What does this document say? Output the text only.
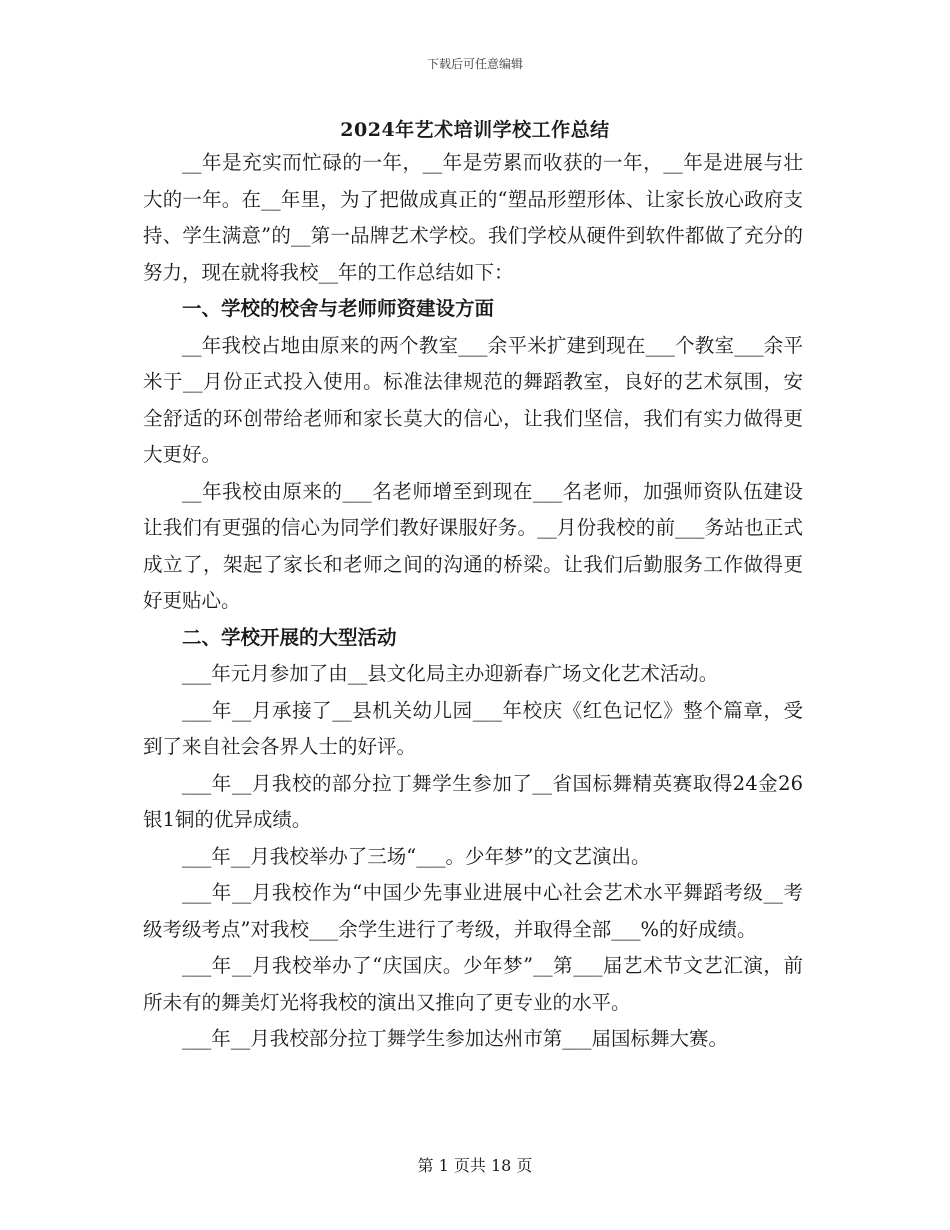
下载后可任意编辑
2024年艺术培训学校工作总结

__年是充实而忙碌的一年，__年是劳累而收获的一年，__年是进展与壮大的一年。在__年里，为了把做成真正的“塑品形塑形体、让家长放心政府支持、学生满意”的__第一品牌艺术学校。我们学校从硬件到软件都做了充分的努力，现在就将我校__年的工作总结如下：

一、学校的校舍与老师师资建设方面

__年我校占地由原来的两个教室___余平米扩建到现在___个教室___余平米于__月份正式投入使用。标准法律规范的舞蹈教室，良好的艺术氛围，安全舒适的环创带给老师和家长莫大的信心，让我们坚信，我们有实力做得更大更好。

__年我校由原来的___名老师增至到现在___名老师，加强师资队伍建设让我们有更强的信心为同学们教好课服好务。__月份我校的前___务站也正式成立了，架起了家长和老师之间的沟通的桥梁。让我们后勤服务工作做得更好更贴心。

二、学校开展的大型活动

___年元月参加了由__县文化局主办迎新春广场文化艺术活动。

___年__月承接了__县机关幼儿园___年校庆《红色记忆》整个篇章，受到了来自社会各界人士的好评。

___年__月我校的部分拉丁舞学生参加了__省国标舞精英赛取得24金26银1铜的优异成绩。

___年__月我校举办了三场“___。少年梦”的文艺演出。

___年__月我校作为“中国少先事业进展中心社会艺术水平舞蹈考级__考级考级考点”对我校___余学生进行了考级，并取得全部___%的好成绩。

___年__月我校举办了“庆国庆。少年梦”__第___届艺术节文艺汇演，前所未有的舞美灯光将我校的演出又推向了更专业的水平。

___年__月我校部分拉丁舞学生参加达州市第___届国标舞大赛。

第 1 页共 18 页
